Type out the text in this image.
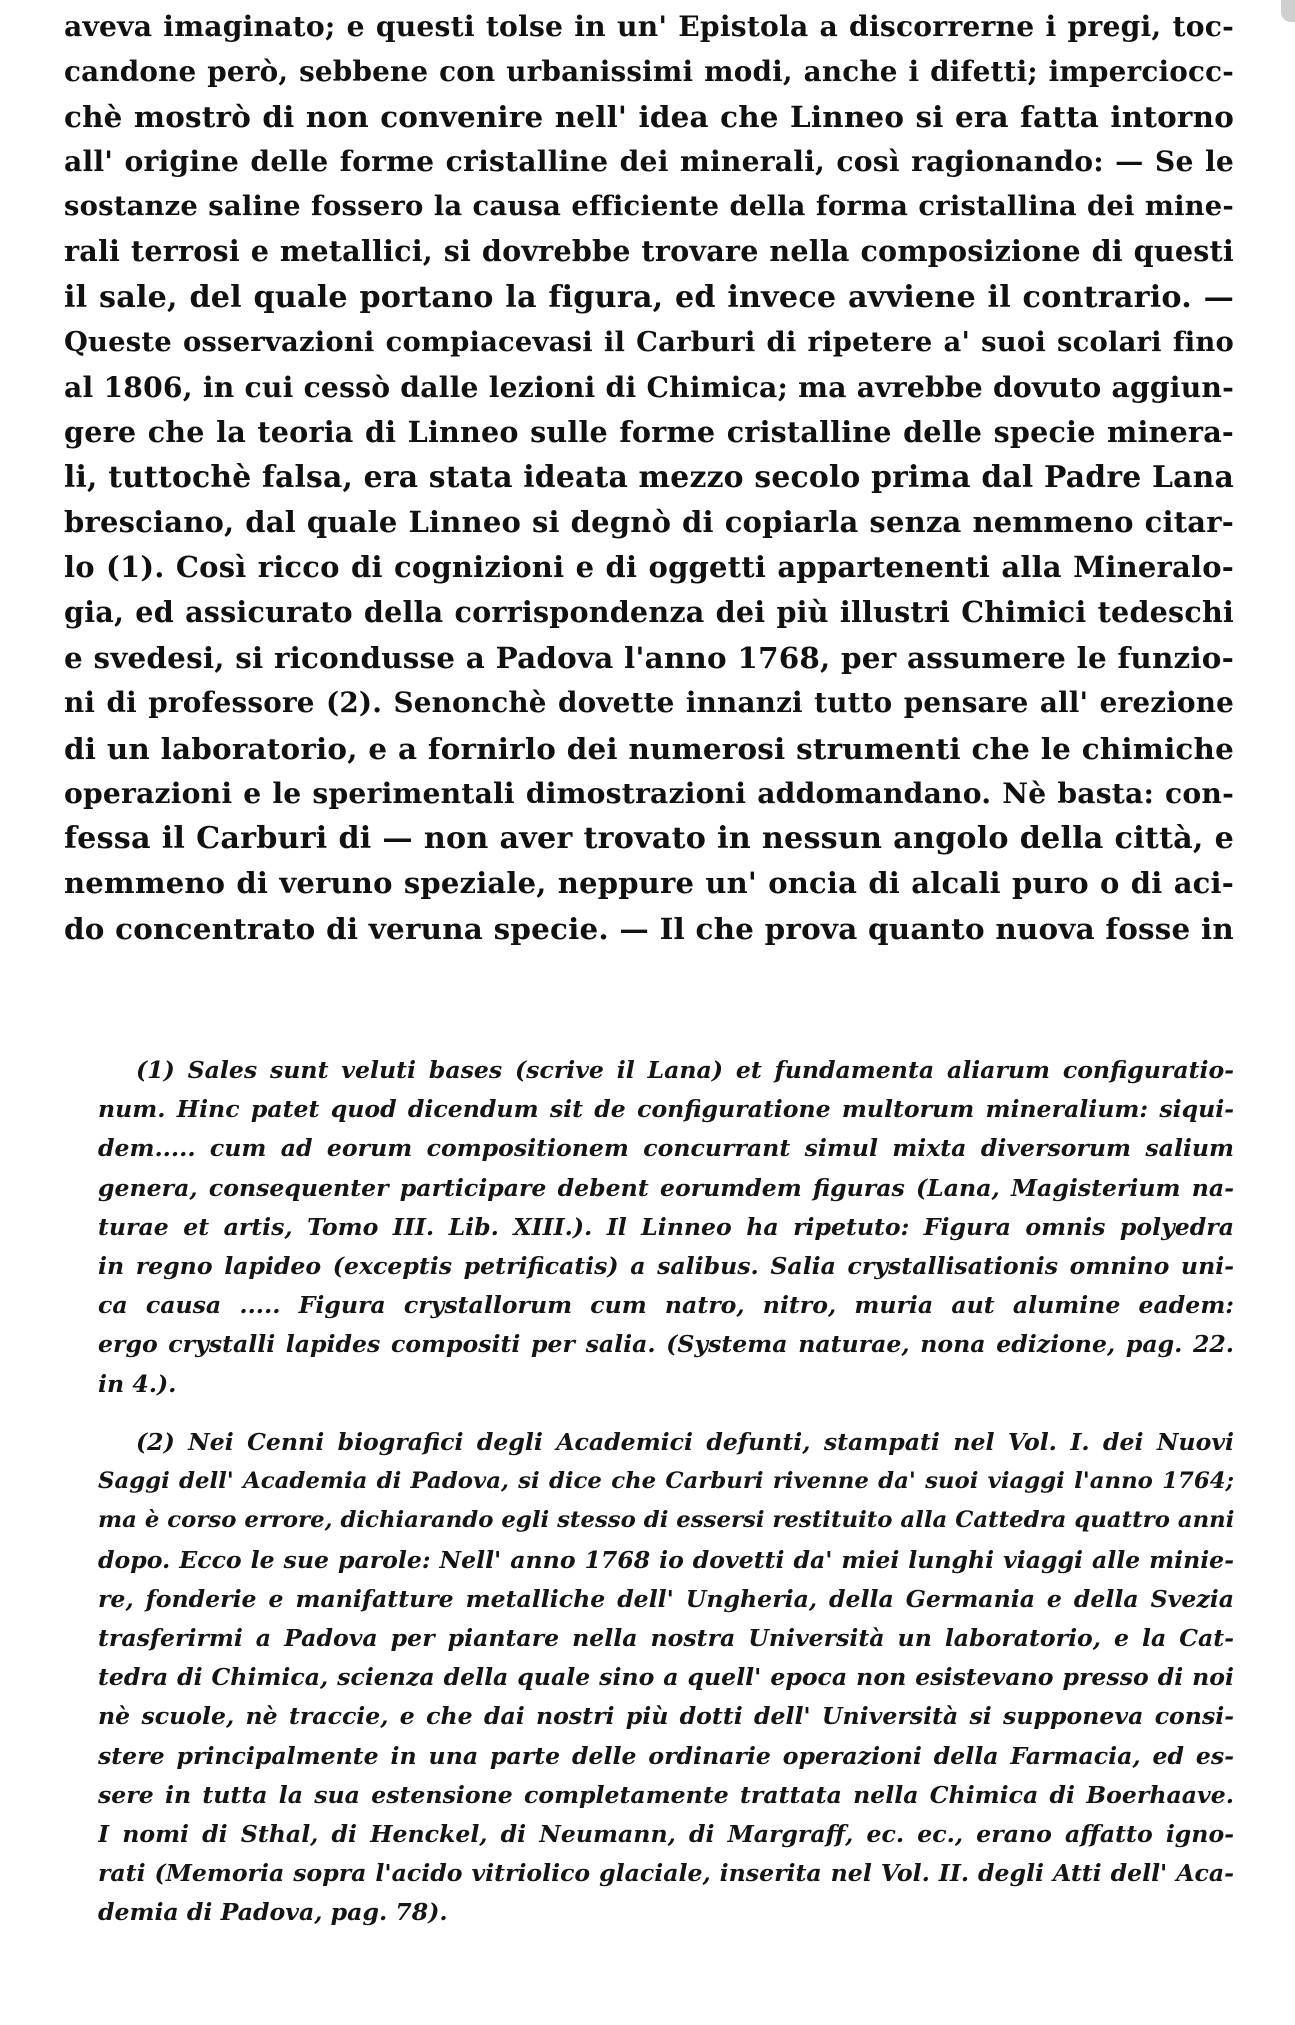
aveva imaginato; e questi tolse in un' Epistola a discorrerne i pregi, toc-
candone però, sebbene con urbanissimi modi, anche i difetti; imperciocc-
chè mostrò di non convenire nell' idea che Linneo si era fatta intorno
all' origine delle forme cristalline dei minerali, così ragionando: — Se le
sostanze saline fossero la causa efficiente della forma cristallina dei mine-
rali terrosi e metallici, si dovrebbe trovare nella composizione di questi
il sale, del quale portano la figura, ed invece avviene il contrario. —
Queste osservazioni compiacevasi il Carburi di ripetere a' suoi scolari fino
al 1806, in cui cessò dalle lezioni di Chimica; ma avrebbe dovuto aggiun-
gere che la teoria di Linneo sulle forme cristalline delle specie minera-
li, tuttochè falsa, era stata ideata mezzo secolo prima dal Padre Lana
bresciano, dal quale Linneo si degnò di copiarla senza nemmeno citar-
lo (1). Così ricco di cognizioni e di oggetti appartenenti alla Mineralo-
gia, ed assicurato della corrispondenza dei più illustri Chimici tedeschi
e svedesi, si ricondusse a Padova l'anno 1768, per assumere le funzio-
ni di professore (2). Senonchè dovette innanzi tutto pensare all' erezione
di un laboratorio, e a fornirlo dei numerosi strumenti che le chimiche
operazioni e le sperimentali dimostrazioni addomandano. Nè basta: con-
fessa il Carburi di — non aver trovato in nessun angolo della città, e
nemmeno di veruno speziale, neppure un' oncia di alcali puro o di aci-
do concentrato di veruna specie. — Il che prova quanto nuova fosse in
(1) Sales sunt veluti bases (scrive il Lana) et fundamenta aliarum configuratio-
num. Hinc patet quod dicendum sit de configuratione multorum mineralium: siqui-
dem..... cum ad eorum compositionem concurrant simul mixta diversorum salium
genera, consequenter participare debent eorumdem figuras (Lana, Magisterium na-
turae et artis, Tomo III. Lib. XIII.). Il Linneo ha ripetuto: Figura omnis polyedra
in regno lapideo (exceptis petrificatis) a salibus. Salia crystallisationis omnino uni-
ca causa ..... Figura crystallorum cum natro, nitro, muria aut alumine eadem:
ergo crystalli lapides compositi per salia. (Systema naturae, nona edizione, pag. 22.
in 4.).
(2) Nei Cenni biografici degli Academici defunti, stampati nel Vol. I. dei Nuovi
Saggi dell' Academia di Padova, si dice che Carburi rivenne da' suoi viaggi l'anno 1764;
ma è corso errore, dichiarando egli stesso di essersi restituito alla Cattedra quattro anni
dopo. Ecco le sue parole: Nell' anno 1768 io dovetti da' miei lunghi viaggi alle minie-
re, fonderie e manifatture metalliche dell' Ungheria, della Germania e della Svezia
trasferirmi a Padova per piantare nella nostra Università un laboratorio, e la Cat-
tedra di Chimica, scienza della quale sino a quell' epoca non esistevano presso di noi
nè scuole, nè traccie, e che dai nostri più dotti dell' Università si supponeva consi-
stere principalmente in una parte delle ordinarie operazioni della Farmacia, ed es-
sere in tutta la sua estensione completamente trattata nella Chimica di Boerhaave.
I nomi di Sthal, di Henckel, di Neumann, di Margraff, ec. ec., erano affatto igno-
rati (Memoria sopra l'acido vitriolico glaciale, inserita nel Vol. II. degli Atti dell' Aca-
demia di Padova, pag. 78).
